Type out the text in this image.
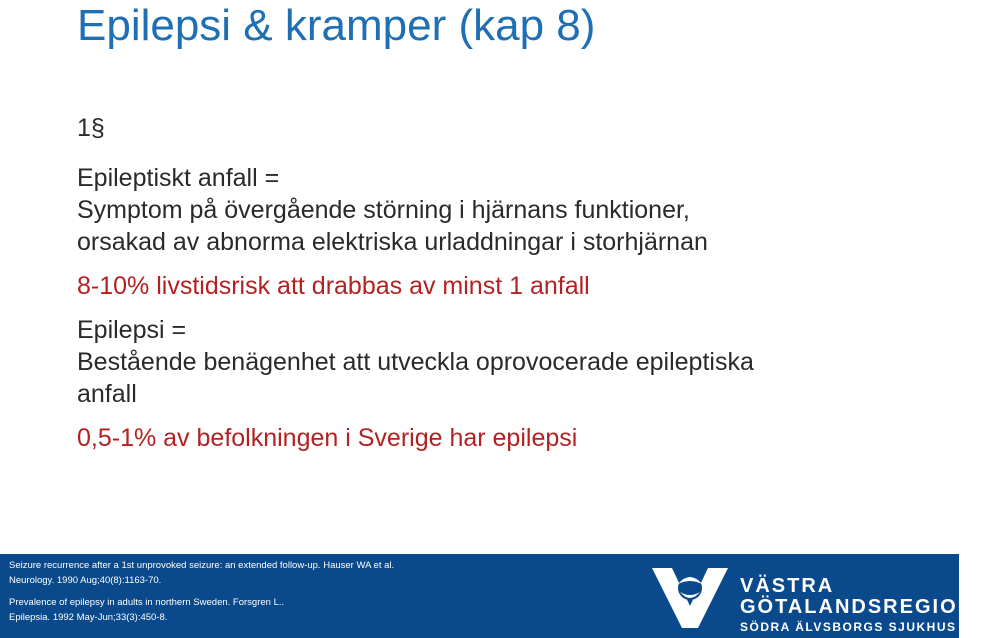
Epilepsi & kramper (kap 8)

1§

Epileptiskt anfall =

Symptom på övergående störning i hjärnans funktioner,

orsakad av abnorma elektriska urladdningar i storhjärnan

8-10% livstidsrisk att drabbas av minst 1 anfall

Epilepsi =

Bestående benägenhet att utveckla oprovocerade epileptiska

anfall

0,5-1% av befolkningen i Sverige har epilepsi

Seizure recurrence after a 1st unprovoked seizure: an extended follow-up. Hauser WA et al.
Neurology. 1990 Aug;40(8):1163-70.
Prevalence of epilepsy in adults in northern Sweden. Forsgren L..
Epilepsia. 1992 May-Jun;33(3):450-8.
VÄSTRA
GÖTALANDSREGIONEN
SÖDRA ÄLVSBORGS SJUKHUS
